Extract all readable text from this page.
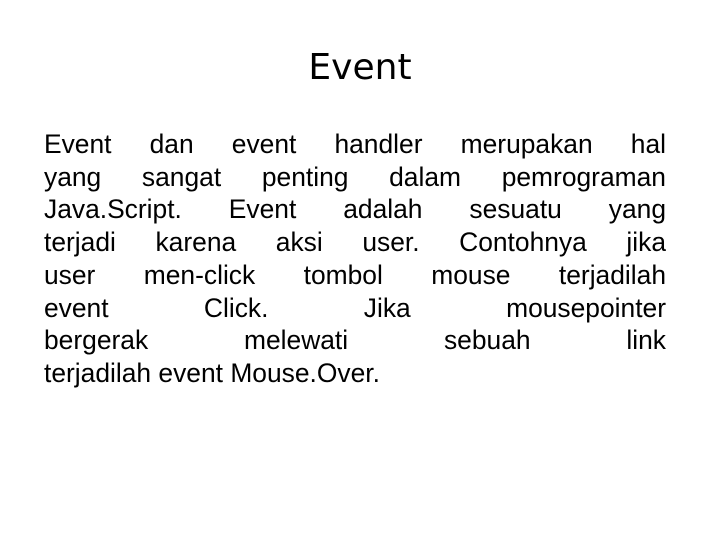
Event
Event dan event handler merupakan hal
yang sangat penting dalam pemrograman
Java.Script. Event adalah sesuatu yang
terjadi karena aksi user. Contohnya jika
user men-click tombol mouse terjadilah
event Click. Jika mousepointer
bergerak melewati sebuah link
terjadilah event Mouse.Over.
